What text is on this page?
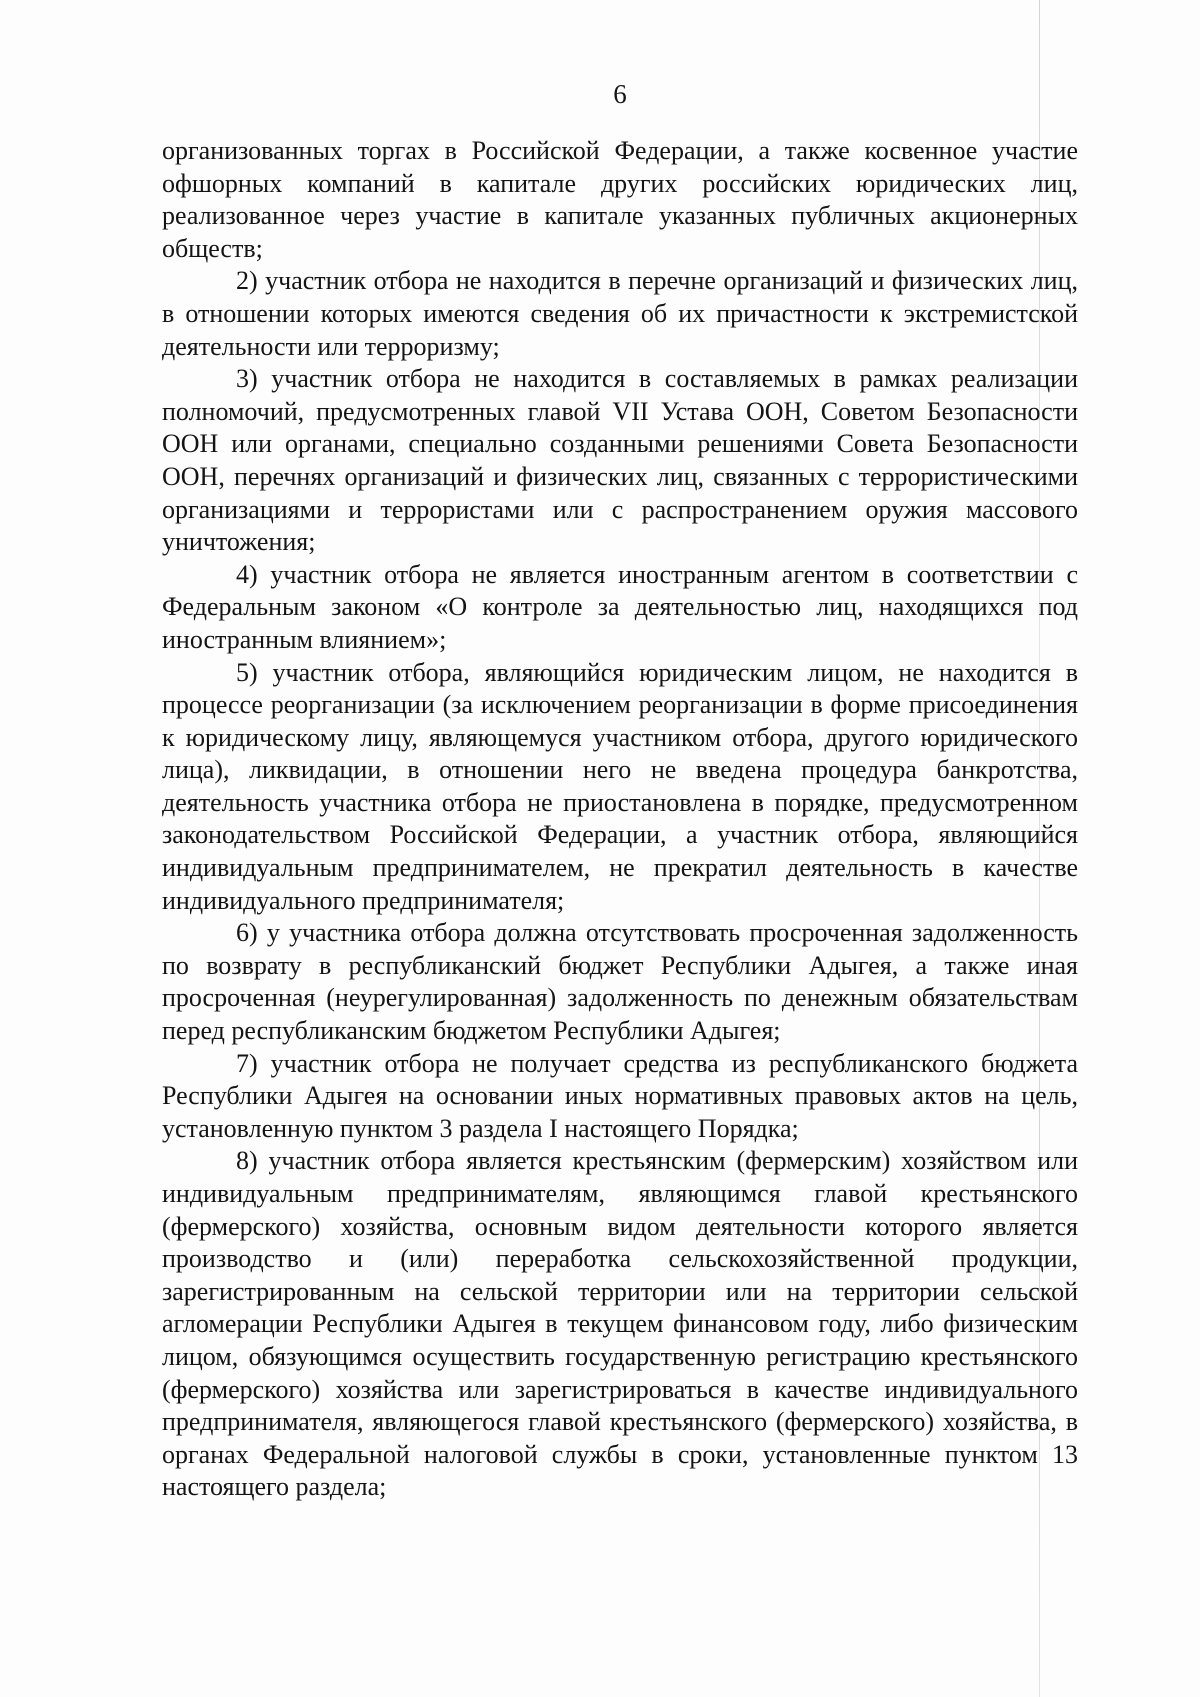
6

организованных торгах в Российской Федерации, а также косвенное участие офшорных компаний в капитале других российских юридических лиц, реализованное через участие в капитале указанных публичных акционерных обществ;

2) участник отбора не находится в перечне организаций и физических лиц, в отношении которых имеются сведения об их причастности к экстремистской деятельности или терроризму;

3) участник отбора не находится в составляемых в рамках реализации полномочий, предусмотренных главой VII Устава ООН, Советом Безопасности ООН или органами, специально созданными решениями Совета Безопасности ООН, перечнях организаций и физических лиц, связанных с террористическими организациями и террористами или с распространением оружия массового уничтожения;

4) участник отбора не является иностранным агентом в соответствии с Федеральным законом «О контроле за деятельностью лиц, находящихся под иностранным влиянием»;

5) участник отбора, являющийся юридическим лицом, не находится в процессе реорганизации (за исключением реорганизации в форме присоединения к юридическому лицу, являющемуся участником отбора, другого юридического лица), ликвидации, в отношении него не введена процедура банкротства, деятельность участника отбора не приостановлена в порядке, предусмотренном законодательством Российской Федерации, а участник отбора, являющийся индивидуальным предпринимателем, не прекратил деятельность в качестве индивидуального предпринимателя;

6) у участника отбора должна отсутствовать просроченная задолженность по возврату в республиканский бюджет Республики Адыгея, а также иная просроченная (неурегулированная) задолженность по денежным обязательствам перед республиканским бюджетом Республики Адыгея;

7) участник отбора не получает средства из республиканского бюджета Республики Адыгея на основании иных нормативных правовых актов на цель, установленную пунктом 3 раздела I настоящего Порядка;

8) участник отбора является крестьянским (фермерским) хозяйством или индивидуальным предпринимателям, являющимся главой крестьянского (фермерского) хозяйства, основным видом деятельности которого является производство и (или) переработка сельскохозяйственной продукции, зарегистрированным на сельской территории или на территории сельской агломерации Республики Адыгея в текущем финансовом году, либо физическим лицом, обязующимся осуществить государственную регистрацию крестьянского (фермерского) хозяйства или зарегистрироваться в качестве индивидуального предпринимателя, являющегося главой крестьянского (фермерского) хозяйства, в органах Федеральной налоговой службы в сроки, установленные пунктом 13 настоящего раздела;
